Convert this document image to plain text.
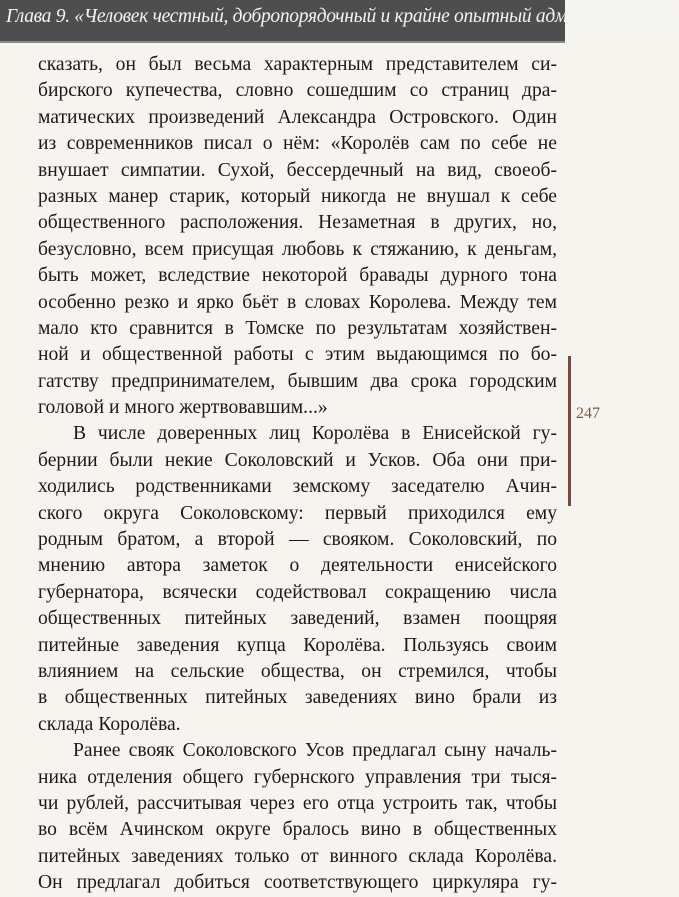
Глава 9. «Человек честный, добропорядочный и крайне опытный администратор»
сказать, он был весьма характерным представителем си-
бирского купечества, словно сошедшим со страниц дра-
матических произведений Александра Островского. Один
из современников писал о нём: «Королёв сам по себе не
внушает симпатии. Сухой, бессердечный на вид, своеоб-
разных манер старик, который никогда не внушал к себе
общественного расположения. Незаметная в других, но,
безусловно, всем присущая любовь к стяжанию, к деньгам,
быть может, вследствие некоторой бравады дурного тона
особенно резко и ярко бьёт в словах Королева. Между тем
мало кто сравнится в Томске по результатам хозяйствен-
ной и общественной работы с этим выдающимся по бо-
гатству предпринимателем, бывшим два срока городским
головой и много жертвовавшим...»
В числе доверенных лиц Королёва в Енисейской гу-
бернии были некие Соколовский и Усков. Оба они при-
ходились родственниками земскому заседателю Ачин-
ского округа Соколовскому: первый приходился ему
родным братом, а второй — свояком. Соколовский, по
мнению автора заметок о деятельности енисейского
губернатора, всячески содействовал сокращению числа
общественных питейных заведений, взамен поощряя
питейные заведения купца Королёва. Пользуясь своим
влиянием на сельские общества, он стремился, чтобы
в общественных питейных заведениях вино брали из
склада Королёва.
Ранее свояк Соколовского Усов предлагал сыну началь-
ника отделения общего губернского управления три тыся-
чи рублей, рассчитывая через его отца устроить так, чтобы
во всём Ачинском округе бралось вино в общественных
питейных заведениях только от винного склада Королёва.
Он предлагал добиться соответствующего циркуляра гу-
247
